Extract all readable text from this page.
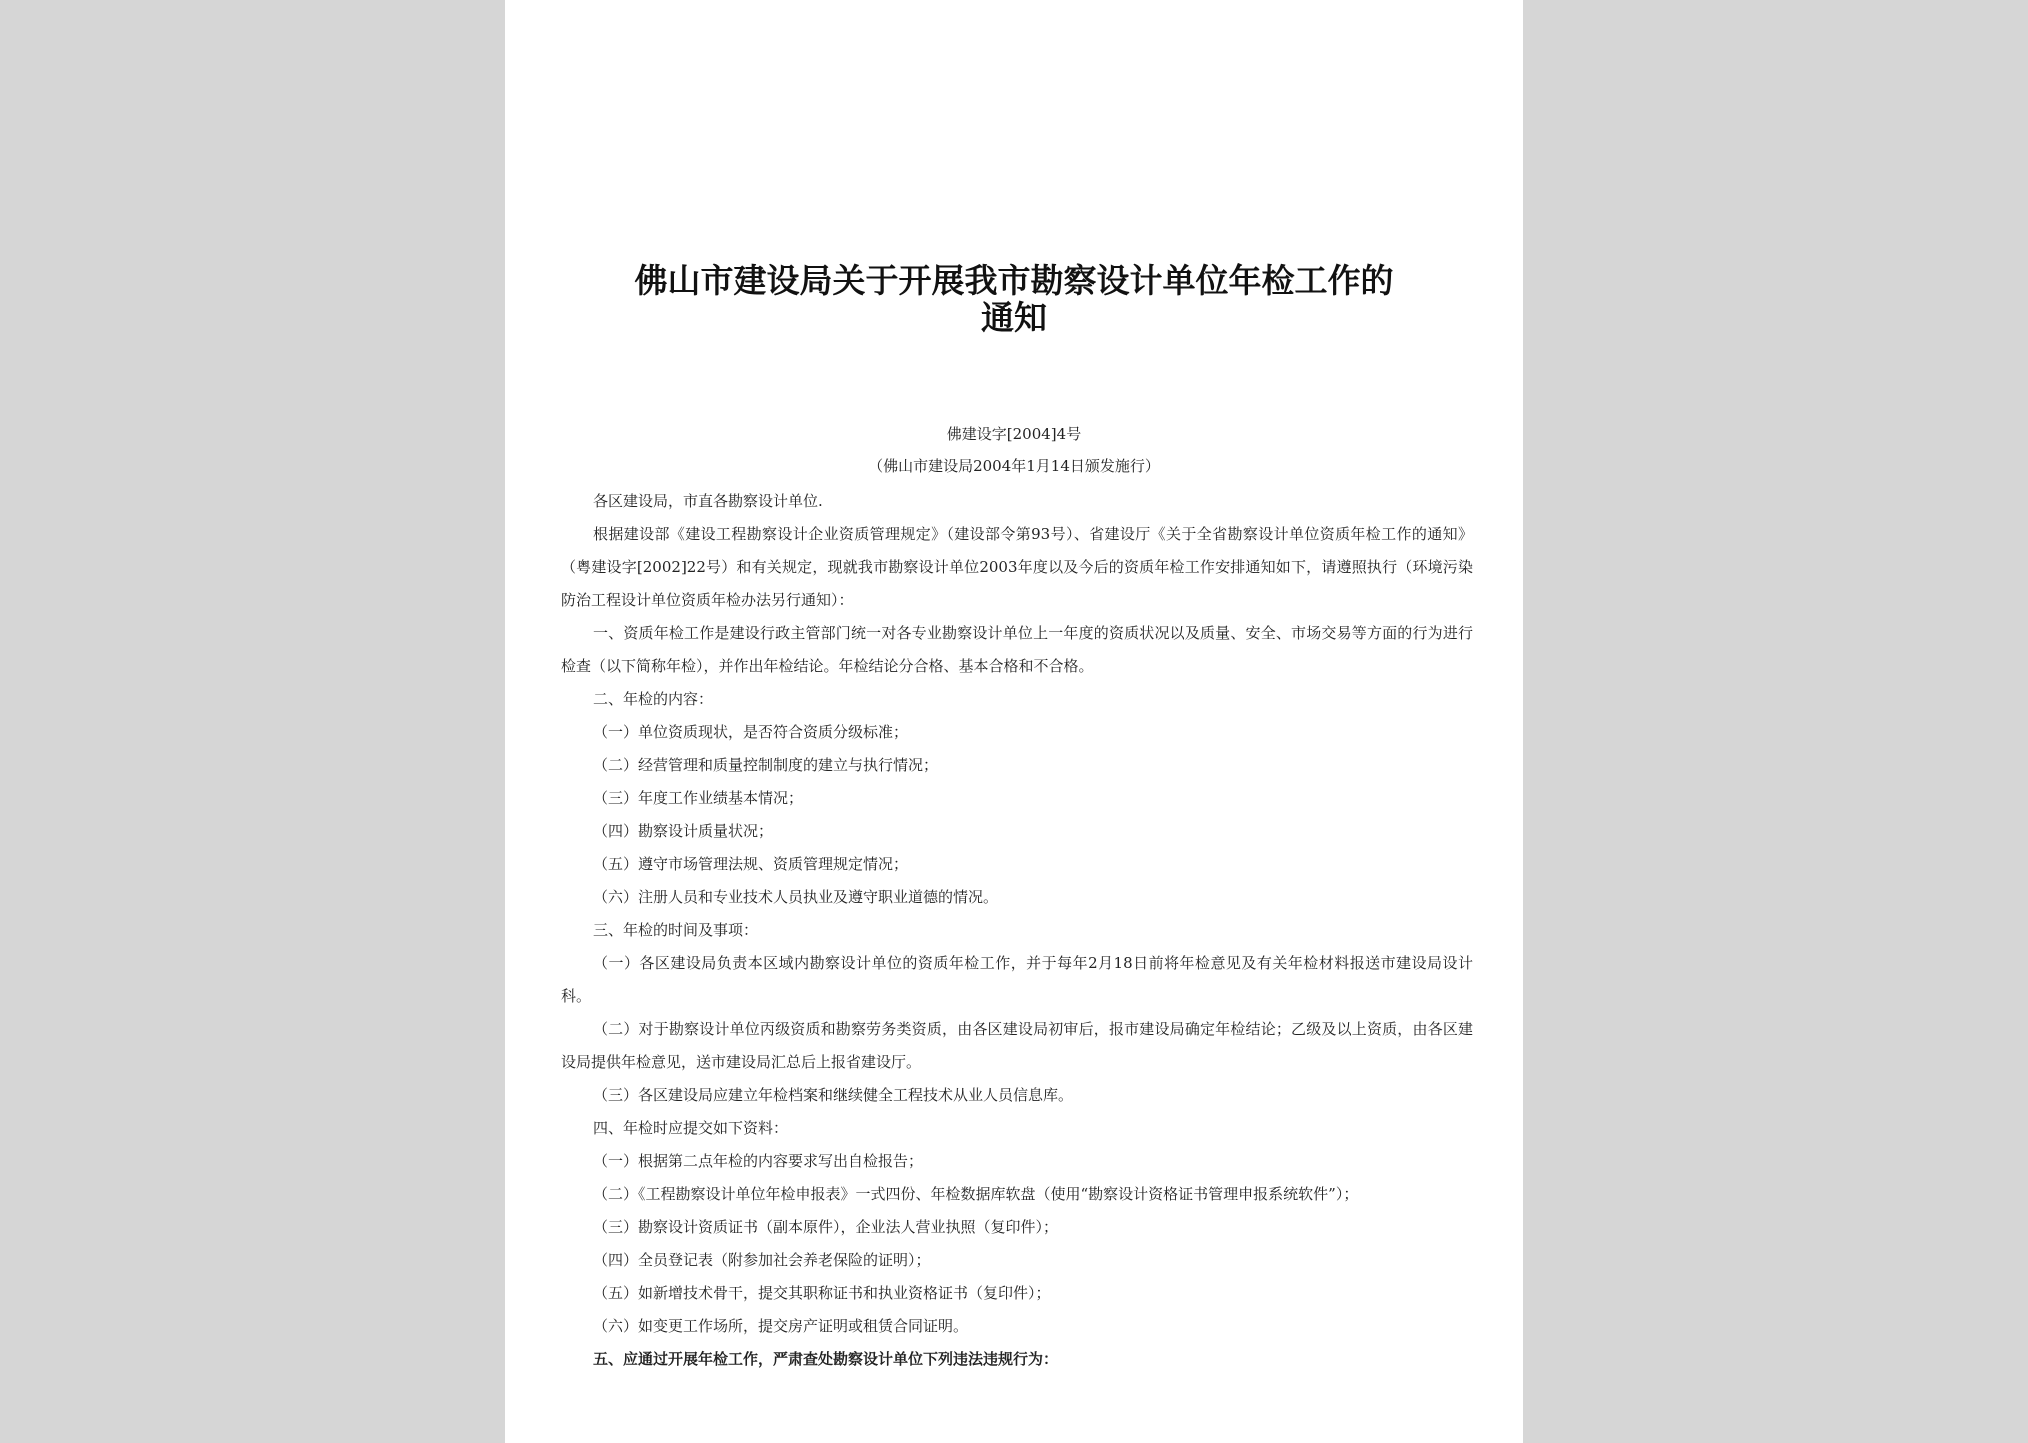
佛山市建设局关于开展我市勘察设计单位年检工作的
通知
佛建设字[2004]4号
（佛山市建设局2004年1月14日颁发施行）

各区建设局，市直各勘察设计单位.

根据建设部《建设工程勘察设计企业资质管理规定》（建设部令第93号）、省建设厅《关于全省勘察设计单位资质年检工作的通知》（粤建设字[2002]22号）和有关规定，现就我市勘察设计单位2003年度以及今后的资质年检工作安排通知如下，请遵照执行（环境污染防治工程设计单位资质年检办法另行通知）：

一、资质年检工作是建设行政主管部门统一对各专业勘察设计单位上一年度的资质状况以及质量、安全、市场交易等方面的行为进行检查（以下简称年检），并作出年检结论。年检结论分合格、基本合格和不合格。

二、年检的内容：

（一）单位资质现状，是否符合资质分级标准；

（二）经营管理和质量控制制度的建立与执行情况；

（三）年度工作业绩基本情况；

（四）勘察设计质量状况；

（五）遵守市场管理法规、资质管理规定情况；

（六）注册人员和专业技术人员执业及遵守职业道德的情况。

三、年检的时间及事项：

（一）各区建设局负责本区域内勘察设计单位的资质年检工作，并于每年2月18日前将年检意见及有关年检材料报送市建设局设计科。

（二）对于勘察设计单位丙级资质和勘察劳务类资质，由各区建设局初审后，报市建设局确定年检结论；乙级及以上资质，由各区建设局提供年检意见，送市建设局汇总后上报省建设厅。

（三）各区建设局应建立年检档案和继续健全工程技术从业人员信息库。

四、年检时应提交如下资料：

（一）根据第二点年检的内容要求写出自检报告；

（二）《工程勘察设计单位年检申报表》一式四份、年检数据库软盘（使用“勘察设计资格证书管理申报系统软件”）；

（三）勘察设计资质证书（副本原件），企业法人营业执照（复印件）；

（四）全员登记表（附参加社会养老保险的证明）；

（五）如新增技术骨干，提交其职称证书和执业资格证书（复印件）；

（六）如变更工作场所，提交房产证明或租赁合同证明。

五、应通过开展年检工作，严肃查处勘察设计单位下列违法违规行为：
